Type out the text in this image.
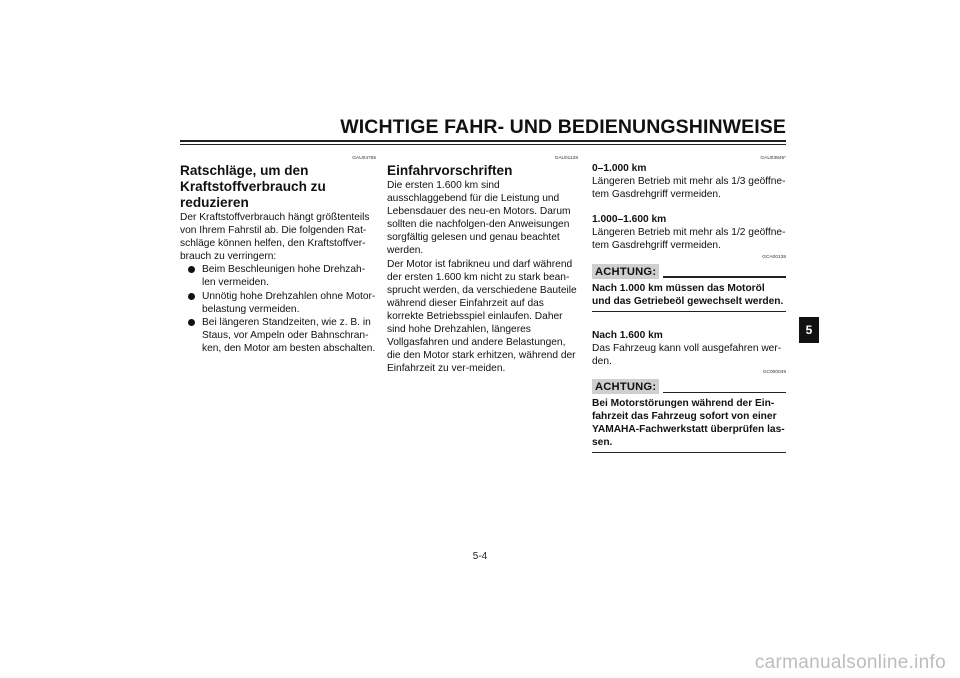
WICHTIGE FAHR- UND BEDIENUNGSHINWEISE

GAU04755

Ratschläge, um den Kraftstoffverbrauch zu reduzieren

Der Kraftstoffverbrauch hängt größtenteils von Ihrem Fahrstil ab. Die folgenden Rat-schläge können helfen, den Kraftstoffver-brauch zu verringern:

Beim Beschleunigen hohe Drehzah-len vermeiden.
Unnötig hohe Drehzahlen ohne Motor-belastung vermeiden.
Bei längeren Standzeiten, wie z. B. in Staus, vor Ampeln oder Bahnschran-ken, den Motor am besten abschalten.

GAU01128

Einfahrvorschriften

Die ersten 1.600 km sind ausschlaggebend für die Leistung und Lebensdauer des neu-en Motors. Darum sollten die nachfolgen-den Anweisungen sorgfältig gelesen und genau beachtet werden.

Der Motor ist fabrikneu und darf während der ersten 1.600 km nicht zu stark bean-sprucht werden, da verschiedene Bauteile während dieser Einfahrzeit auf das korrekte Betriebsspiel einlaufen. Daher sind hohe Drehzahlen, längeres Vollgasfahren und andere Belastungen, die den Motor stark erhitzen, während der Einfahrzeit zu ver-meiden.

GAU03845*

0–1.000 km

Längeren Betrieb mit mehr als 1/3 geöffne-tem Gasdrehgriff vermeiden.

1.000–1.600 km

Längeren Betrieb mit mehr als 1/2 geöffne-tem Gasdrehgriff vermeiden.

GCA00138

ACHTUNG:
Nach 1.000 km müssen das Motoröl und das Getriebeöl gewechselt werden.

Nach 1.600 km

Das Fahrzeug kann voll ausgefahren wer-den.

GC000049

ACHTUNG:
Bei Motorstörungen während der Ein-fahrzeit das Fahrzeug sofort von einer YAMAHA-Fachwerkstatt überprüfen las-sen.
5
5-4
carmanualsonline.info
